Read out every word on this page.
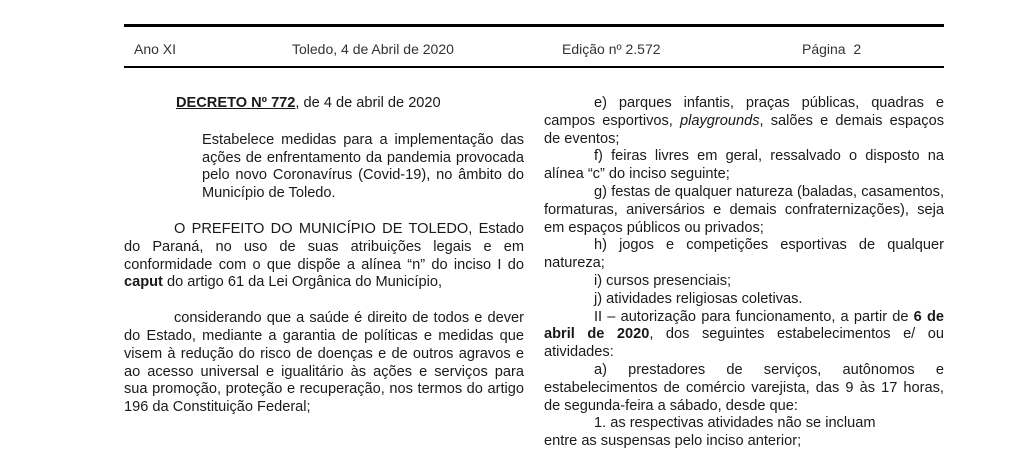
Ano XI	Toledo, 4 de Abril de 2020	Edição nº 2.572	Página  2

DECRETO Nº 772, de 4 de abril de 2020

Estabelece medidas para a implementação das ações de enfrentamento da pandemia provocada pelo novo Coronavírus (Covid-19), no âmbito do Município de Toledo.

O PREFEITO DO MUNICÍPIO DE TOLEDO, Estado do Paraná, no uso de suas atribuições legais e em conformidade com o que dispõe a alínea “n” do inciso I do caput do artigo 61 da Lei Orgânica do Município,

considerando que a saúde é direito de todos e dever do Estado, mediante a garantia de políticas e medidas que visem à redução do risco de doenças e de outros agravos e ao acesso universal e igualitário às ações e serviços para sua promoção, proteção e recuperação, nos termos do artigo 196 da Constituição Federal;

e) parques infantis, praças públicas, quadras e campos esportivos, playgrounds, salões e demais espaços de eventos;

f) feiras livres em geral, ressalvado o disposto na alínea “c” do inciso seguinte;

g) festas de qualquer natureza (baladas, casamentos, formaturas, aniversários e demais confraternizações), seja em espaços públicos ou privados;

h) jogos e competições esportivas de qualquer natureza;

i) cursos presenciais;

j) atividades religiosas coletivas.

II – autorização para funcionamento, a partir de 6 de abril de 2020, dos seguintes estabelecimentos e/ ou atividades:

a) prestadores de serviços, autônomos e estabelecimentos de comércio varejista, das 9 às 17 horas, de segunda-feira a sábado, desde que:

1. as respectivas atividades não se incluam

entre as suspensas pelo inciso anterior;
